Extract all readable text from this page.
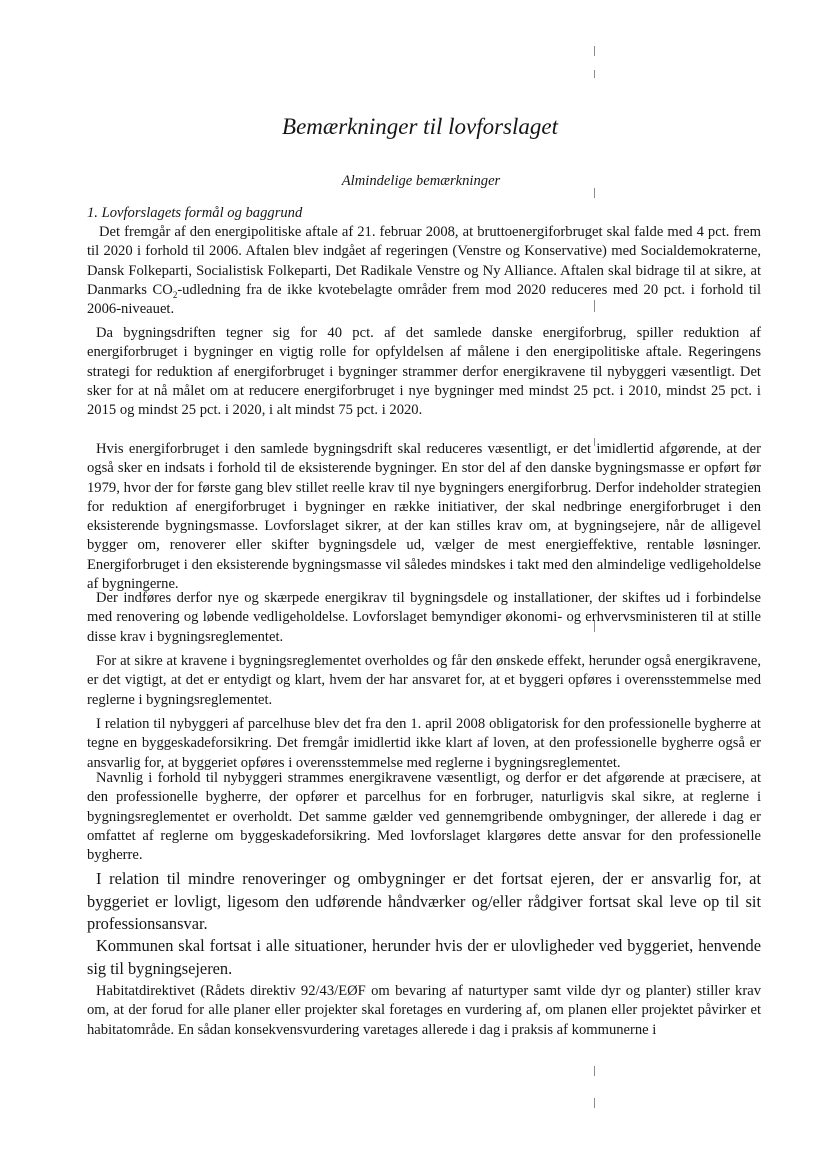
Bemærkninger til lovforslaget
Almindelige bemærkninger
1. Lovforslagets formål og baggrund

Det fremgår af den energipolitiske aftale af 21. februar 2008, at bruttoenergiforbruget skal falde med 4 pct. frem til 2020 i forhold til 2006. Aftalen blev indgået af regeringen (Venstre og Konservative) med Socialdemokraterne, Dansk Folkeparti, Socialistisk Folkeparti, Det Radikale Venstre og Ny Alliance. Aftalen skal bidrage til at sikre, at Danmarks $CO_2$-udledning fra de ikke kvotebelagte områder frem mod 2020 reduceres med 20 pct. i forhold til 2006-niveauet.

Da bygningsdriften tegner sig for 40 pct. af det samlede danske energiforbrug, spiller reduktion af energiforbruget i bygninger en vigtig rolle for opfyldelsen af målene i den energipolitiske aftale. Regeringens strategi for reduktion af energiforbruget i bygninger strammer derfor energikravene til nybyggeri væsentligt. Det sker for at nå målet om at reducere energiforbruget i nye bygninger med mindst 25 pct. i 2010, mindst 25 pct. i 2015 og mindst 25 pct. i 2020, i alt mindst 75 pct. i 2020.

Hvis energiforbruget i den samlede bygningsdrift skal reduceres væsentligt, er det imidlertid afgørende, at der også sker en indsats i forhold til de eksisterende bygninger. En stor del af den danske bygningsmasse er opført før 1979, hvor der for første gang blev stillet reelle krav til nye bygningers energiforbrug. Derfor indeholder strategien for reduktion af energiforbruget i bygninger en række initiativer, der skal nedbringe energiforbruget i den eksisterende bygningsmasse. Lovforslaget sikrer, at der kan stilles krav om, at bygningsejere, når de alligevel bygger om, renoverer eller skifter bygningsdele ud, vælger de mest energieffektive, rentable løsninger. Energiforbruget i den eksisterende bygningsmasse vil således mindskes i takt med den almindelige vedligeholdelse af bygningerne.

Der indføres derfor nye og skærpede energikrav til bygningsdele og installationer, der skiftes ud i forbindelse med renovering og løbende vedligeholdelse. Lovforslaget bemyndiger økonomi- og erhvervsministeren til at stille disse krav i bygningsreglementet.

For at sikre at kravene i bygningsreglementet overholdes og får den ønskede effekt, herunder også energikravene, er det vigtigt, at det er entydigt og klart, hvem der har ansvaret for, at et byggeri opføres i overensstemmelse med reglerne i bygningsreglementet.

I relation til nybyggeri af parcelhuse blev det fra den 1. april 2008 obligatorisk for den professionelle bygherre at tegne en byggeskadeforsikring. Det fremgår imidlertid ikke klart af loven, at den professionelle bygherre også er ansvarlig for, at byggeriet opføres i overensstemmelse med reglerne i bygningsreglementet.

Navnlig i forhold til nybyggeri strammes energikravene væsentligt, og derfor er det afgørende at præcisere, at den professionelle bygherre, der opfører et parcelhus for en forbruger, naturligvis skal sikre, at reglerne i bygningsreglementet er overholdt. Det samme gælder ved gennemgribende ombygninger, der allerede i dag er omfattet af reglerne om byggeskadeforsikring. Med lovforslaget klargøres dette ansvar for den professionelle bygherre.

I relation til mindre renoveringer og ombygninger er det fortsat ejeren, der er ansvarlig for, at byggeriet er lovligt, ligesom den udførende håndværker og/eller rådgiver fortsat skal leve op til sit professionsansvar.

Kommunen skal fortsat i alle situationer, herunder hvis der er ulovligheder ved byggeriet, henvende sig til bygningsejeren.

Habitatdirektivet (Rådets direktiv 92/43/EØF om bevaring af naturtyper samt vilde dyr og planter) stiller krav om, at der forud for alle planer eller projekter skal foretages en vurdering af, om planen eller projektet påvirker et habitatområde. En sådan konsekvensvurdering varetages allerede i dag i praksis af kommunerne i
